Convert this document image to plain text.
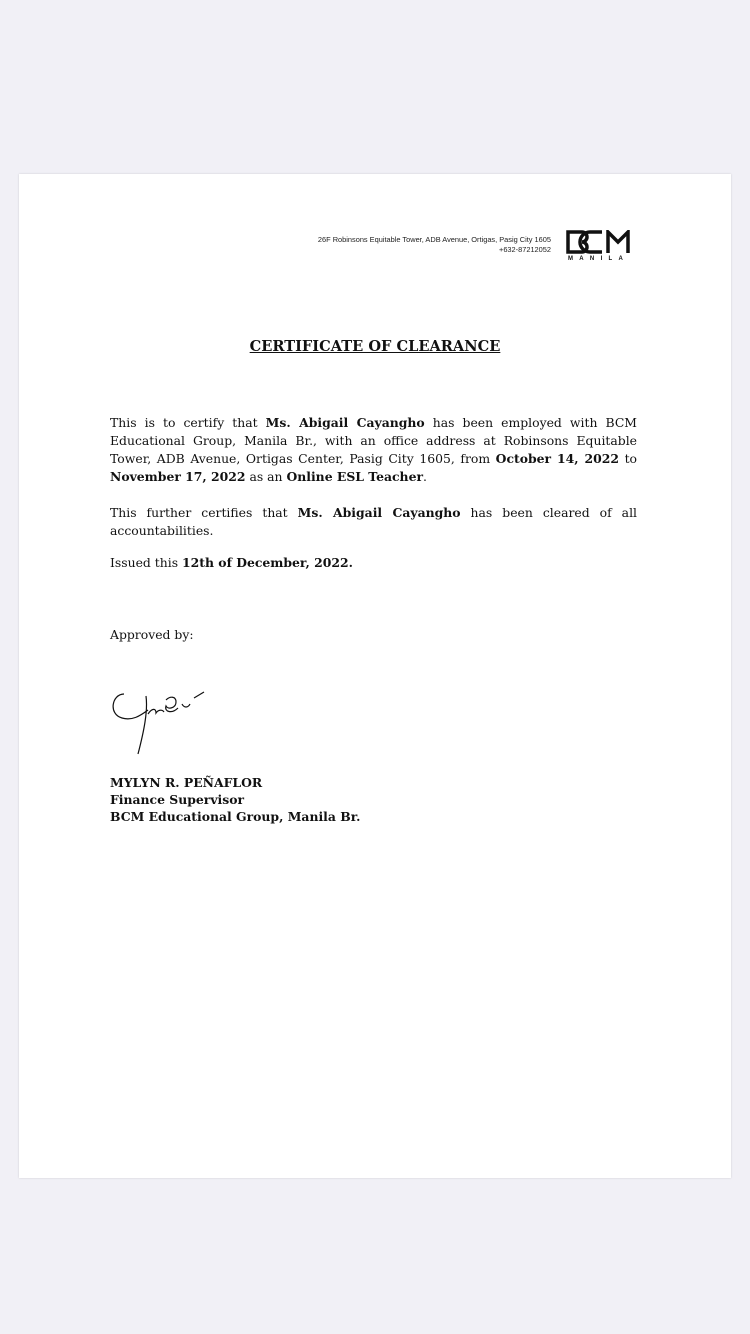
26F Robinsons Equitable Tower, ADB Avenue, Ortigas, Pasig City 1605
+632-87212052
MANILA
CERTIFICATE OF CLEARANCE
This is to certify that Ms. Abigail Cayangho has been employed with BCM Educational Group, Manila Br., with an office address at Robinsons Equitable Tower, ADB Avenue, Ortigas Center, Pasig City 1605, from October 14, 2022 to November 17, 2022 as an Online ESL Teacher.
This further certifies that Ms. Abigail Cayangho has been cleared of all accountabilities.
Issued this 12th of December, 2022.
Approved by:
MYLYN R. PEÑAFLOR
Finance Supervisor
BCM Educational Group, Manila Br.
